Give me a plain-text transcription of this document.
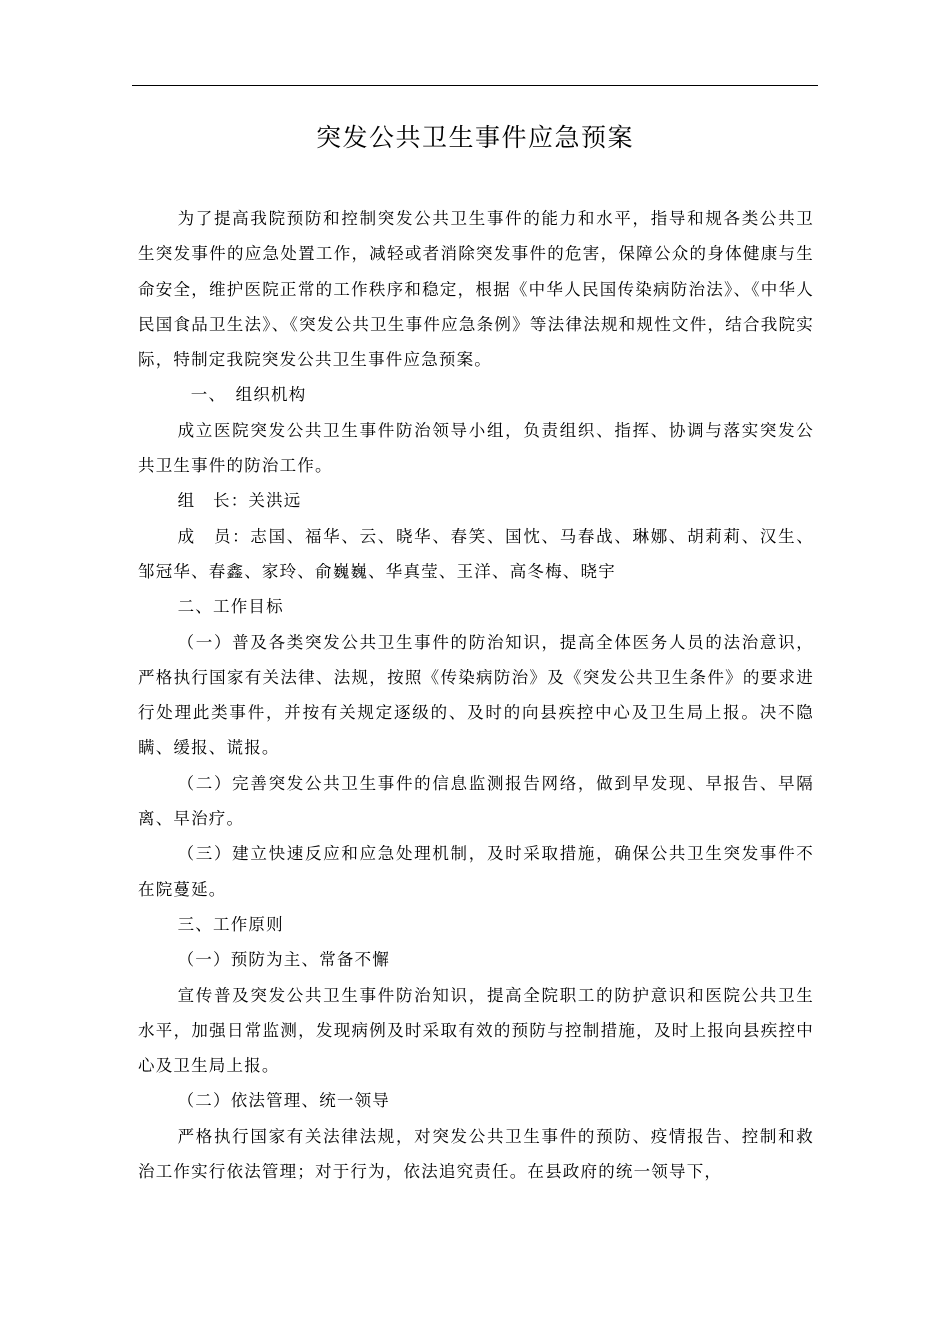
突发公共卫生事件应急预案

为了提高我院预防和控制突发公共卫生事件的能力和水平，指导和规各类公共卫生突发事件的应急处置工作，减轻或者消除突发事件的危害，保障公众的身体健康与生命安全，维护医院正常的工作秩序和稳定，根据《中华人民国传染病防治法》、《中华人民国食品卫生法》、《突发公共卫生事件应急条例》等法律法规和规性文件，结合我院实际，特制定我院突发公共卫生事件应急预案。

一、　组织机构

成立医院突发公共卫生事件防治领导小组，负责组织、指挥、协调与落实突发公共卫生事件的防治工作。

组　长：关洪远

成　员：志国、福华、云、晓华、春笑、国忱、马春战、琳娜、胡莉莉、汉生、邹冠华、春鑫、家玲、俞巍巍、华真莹、王洋、高冬梅、晓宇

二、工作目标

（一）普及各类突发公共卫生事件的防治知识，提高全体医务人员的法治意识，严格执行国家有关法律、法规，按照《传染病防治》及《突发公共卫生条件》的要求进行处理此类事件，并按有关规定逐级的、及时的向县疾控中心及卫生局上报。决不隐瞒、缓报、谎报。

（二）完善突发公共卫生事件的信息监测报告网络，做到早发现、早报告、早隔离、早治疗。

（三）建立快速反应和应急处理机制，及时采取措施，确保公共卫生突发事件不在院蔓延。

三、工作原则

（一）预防为主、常备不懈

宣传普及突发公共卫生事件防治知识，提高全院职工的防护意识和医院公共卫生水平，加强日常监测，发现病例及时采取有效的预防与控制措施，及时上报向县疾控中心及卫生局上报。

（二）依法管理、统一领导

严格执行国家有关法律法规，对突发公共卫生事件的预防、疫情报告、控制和救治工作实行依法管理；对于行为，依法追究责任。在县政府的统一领导下，
